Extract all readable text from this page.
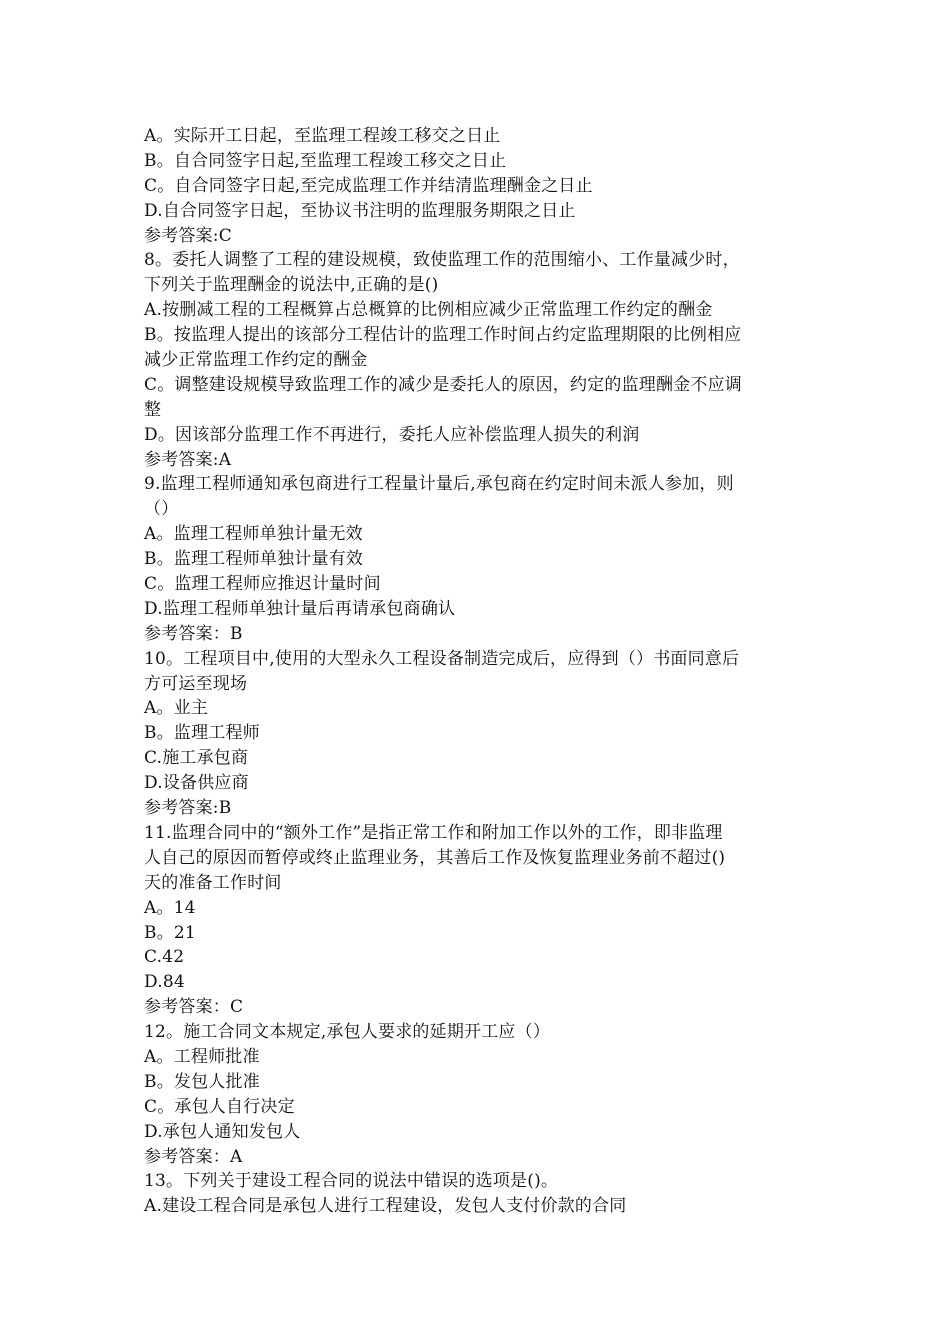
A。实际开工日起，至监理工程竣工移交之日止
B。自合同签字日起,至监理工程竣工移交之日止
C。自合同签字日起,至完成监理工作并结清监理酬金之日止
D.自合同签字日起，至协议书注明的监理服务期限之日止
参考答案:C
8。委托人调整了工程的建设规模，致使监理工作的范围缩小、工作量减少时，
下列关于监理酬金的说法中,正确的是()
A.按删减工程的工程概算占总概算的比例相应减少正常监理工作约定的酬金
B。按监理人提出的该部分工程估计的监理工作时间占约定监理期限的比例相应
减少正常监理工作约定的酬金
C。调整建设规模导致监理工作的减少是委托人的原因，约定的监理酬金不应调
整
D。因该部分监理工作不再进行，委托人应补偿监理人损失的利润
参考答案:A
9.监理工程师通知承包商进行工程量计量后,承包商在约定时间未派人参加，则
（）
A。监理工程师单独计量无效
B。监理工程师单独计量有效
C。监理工程师应推迟计量时间
D.监理工程师单独计量后再请承包商确认
参考答案：B
10。工程项目中,使用的大型永久工程设备制造完成后，应得到（）书面同意后
方可运至现场
A。业主
B。监理工程师
C.施工承包商
D.设备供应商
参考答案:B
11.监理合同中的“额外工作”是指正常工作和附加工作以外的工作，即非监理
人自己的原因而暂停或终止监理业务，其善后工作及恢复监理业务前不超过()
天的准备工作时间
A。14
B。21
C.42
D.84
参考答案：C
12。施工合同文本规定,承包人要求的延期开工应（）
A。工程师批准
B。发包人批准
C。承包人自行决定
D.承包人通知发包人
参考答案：A
13。下列关于建设工程合同的说法中错误的选项是()。
A.建设工程合同是承包人进行工程建设，发包人支付价款的合同
